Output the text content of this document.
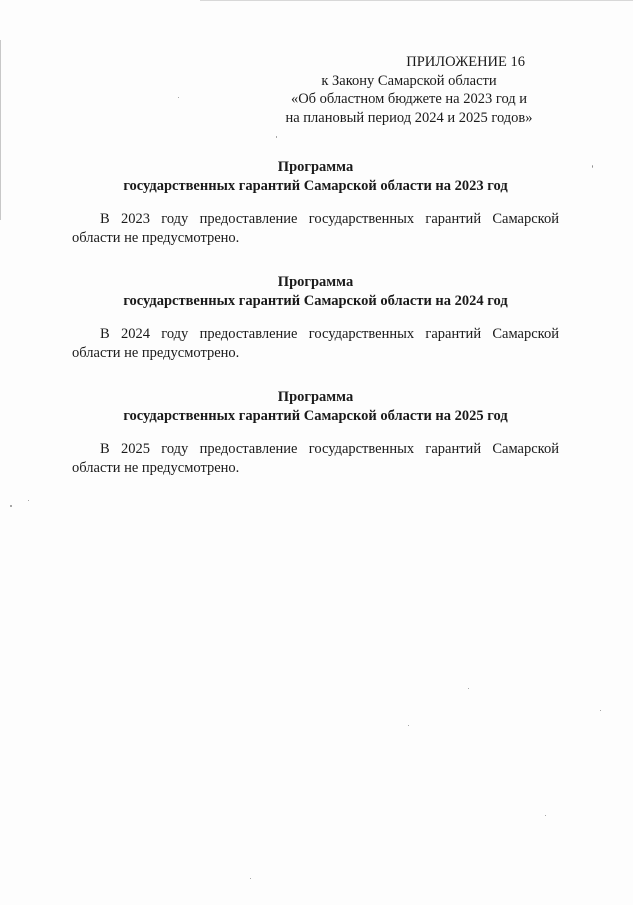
ПРИЛОЖЕНИЕ 16
к Закону Самарской области
«Об областном бюджете на 2023 год и
на плановый период 2024 и 2025 годов»
Программа
государственных гарантий Самарской области на 2023 год
В 2023 году предоставление государственных гарантий Самарской
области не предусмотрено.
Программа
государственных гарантий Самарской области на 2024 год
В 2024 году предоставление государственных гарантий Самарской
области не предусмотрено.
Программа
государственных гарантий Самарской области на 2025 год
В 2025 году предоставление государственных гарантий Самарской
области не предусмотрено.
